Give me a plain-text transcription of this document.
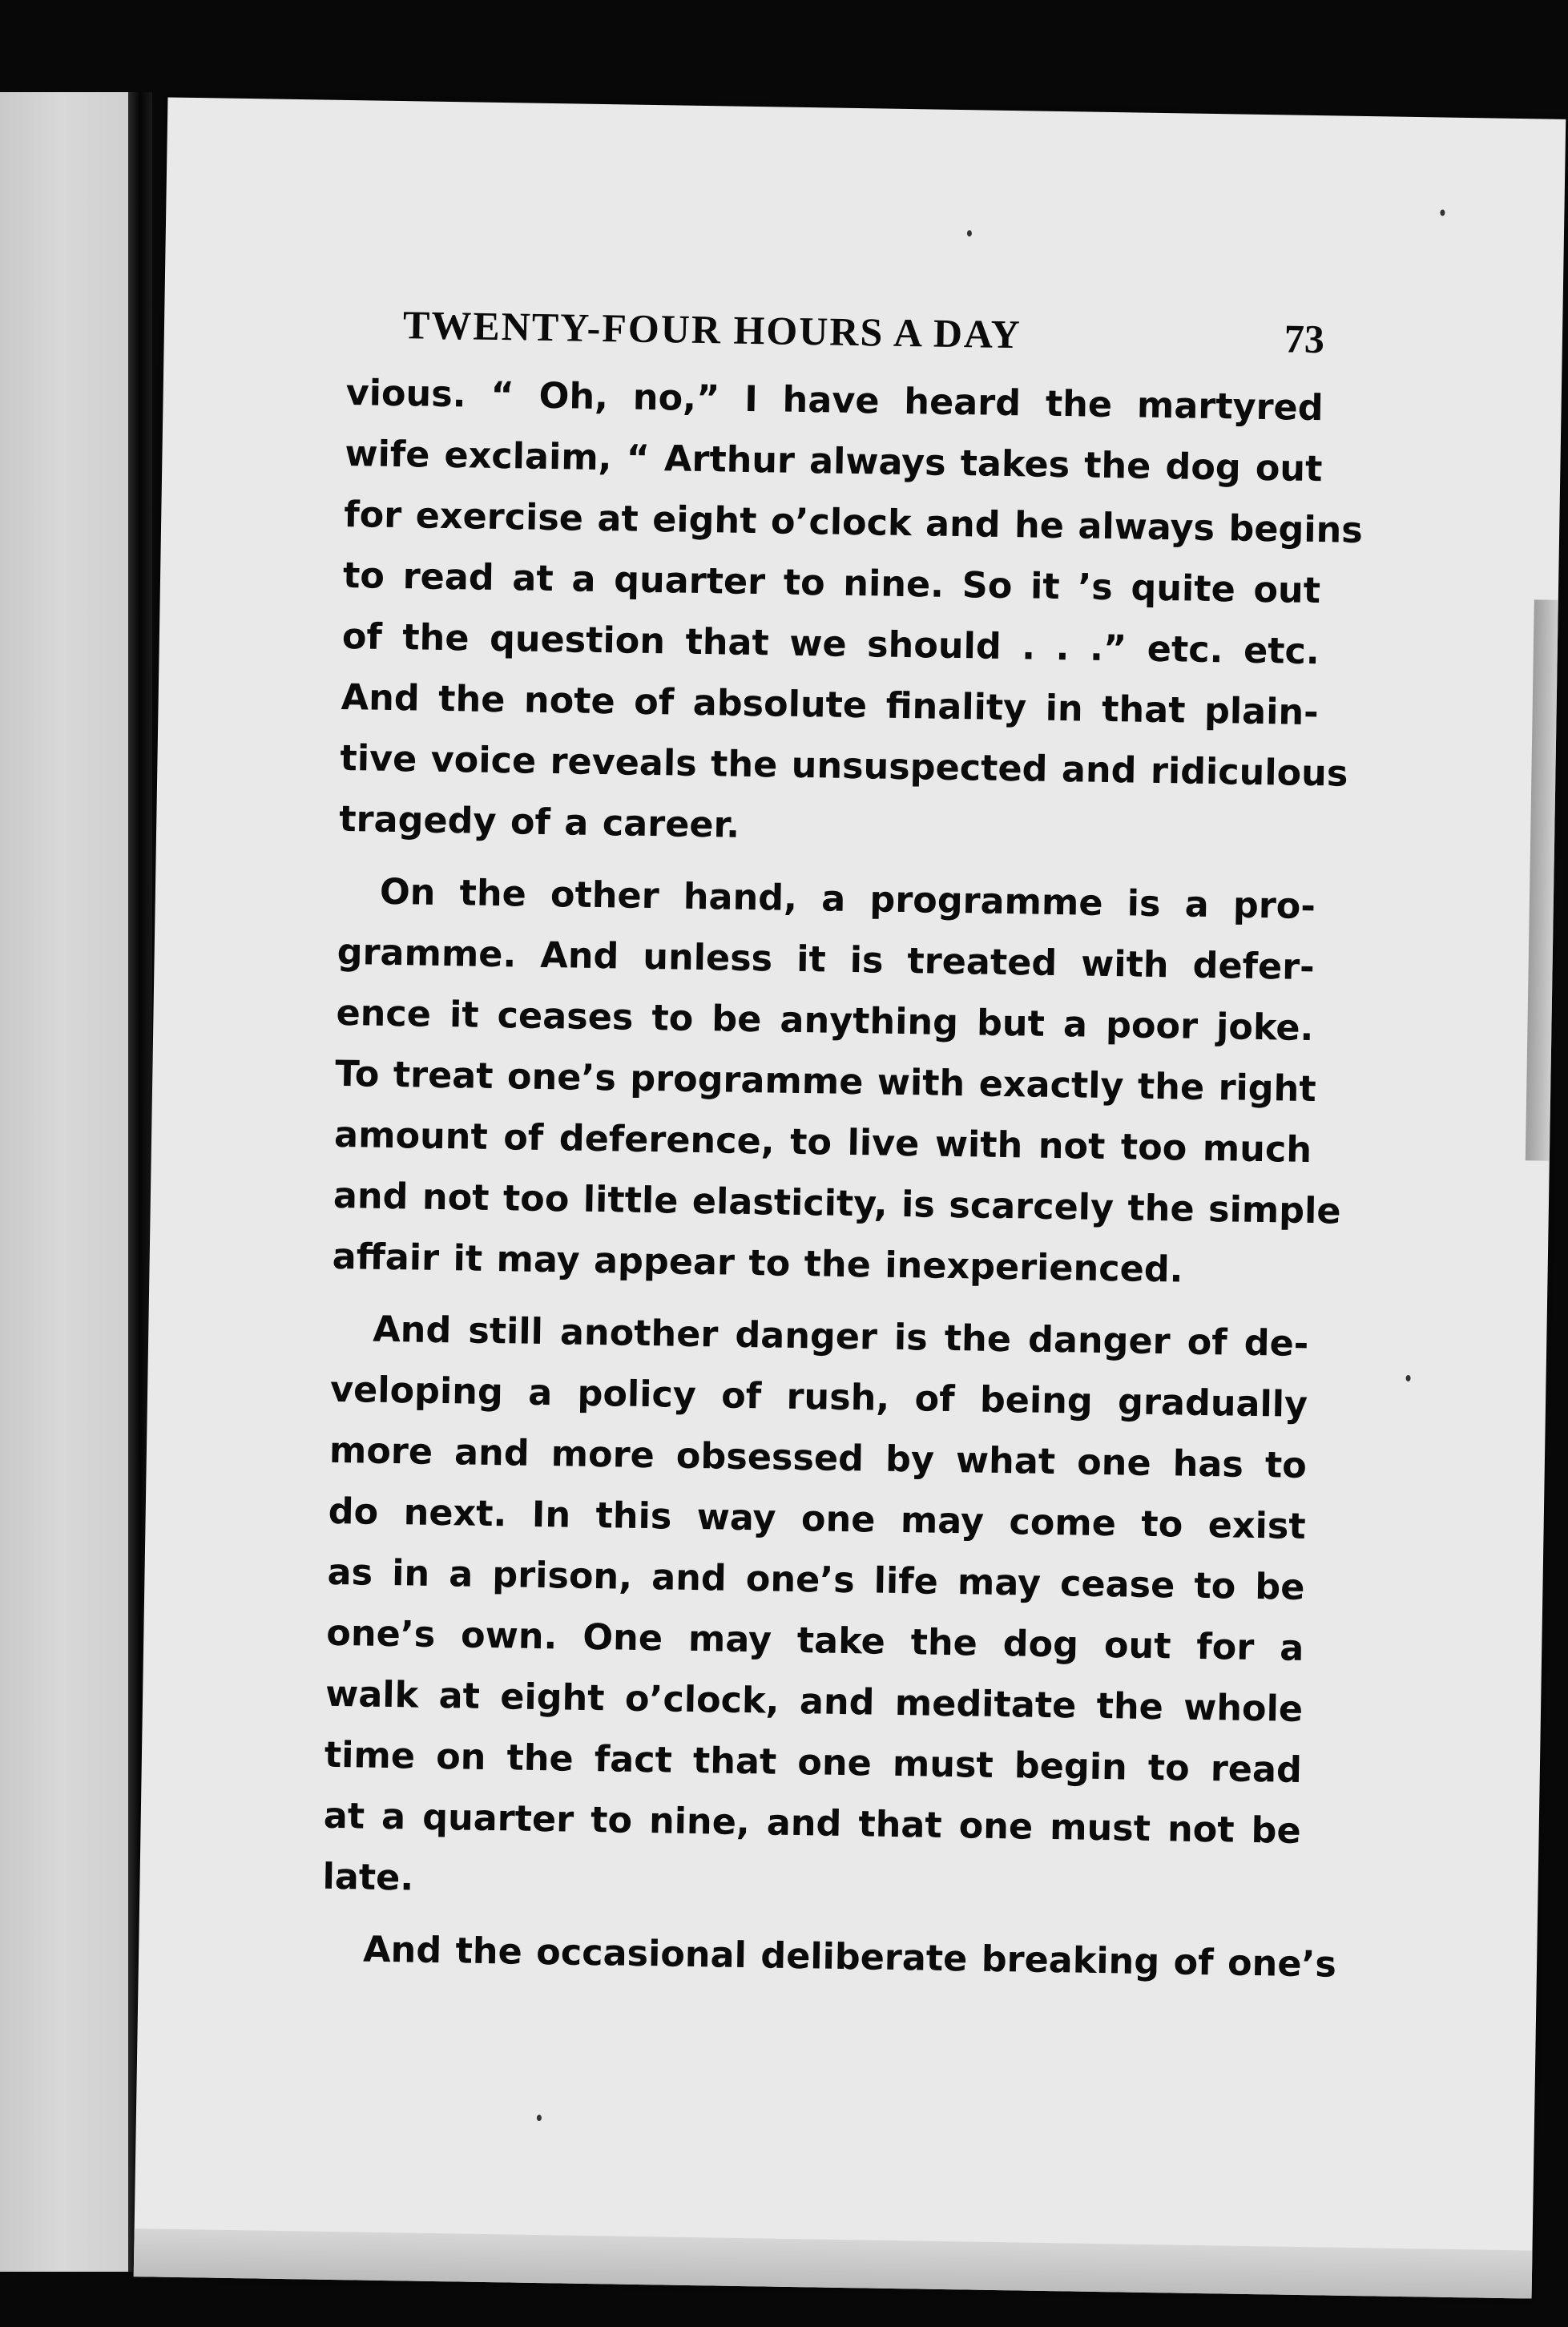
TWENTY-FOUR HOURS A DAY	73

vious. “ Oh, no,” I have heard the martyred
wife exclaim, “ Arthur always takes the dog out
for exercise at eight o’clock and he always begins
to read at a quarter to nine. So it ’s quite out
of the question that we should . . .” etc. etc.
And the note of absolute finality in that plain-
tive voice reveals the unsuspected and ridiculous
tragedy of a career.

On the other hand, a programme is a pro-
gramme. And unless it is treated with defer-
ence it ceases to be anything but a poor joke.
To treat one’s programme with exactly the right
amount of deference, to live with not too much
and not too little elasticity, is scarcely the simple
affair it may appear to the inexperienced.

And still another danger is the danger of de-
veloping a policy of rush, of being gradually
more and more obsessed by what one has to
do next. In this way one may come to exist
as in a prison, and one’s life may cease to be
one’s own. One may take the dog out for a
walk at eight o’clock, and meditate the whole
time on the fact that one must begin to read
at a quarter to nine, and that one must not be
late.

And the occasional deliberate breaking of one’s
